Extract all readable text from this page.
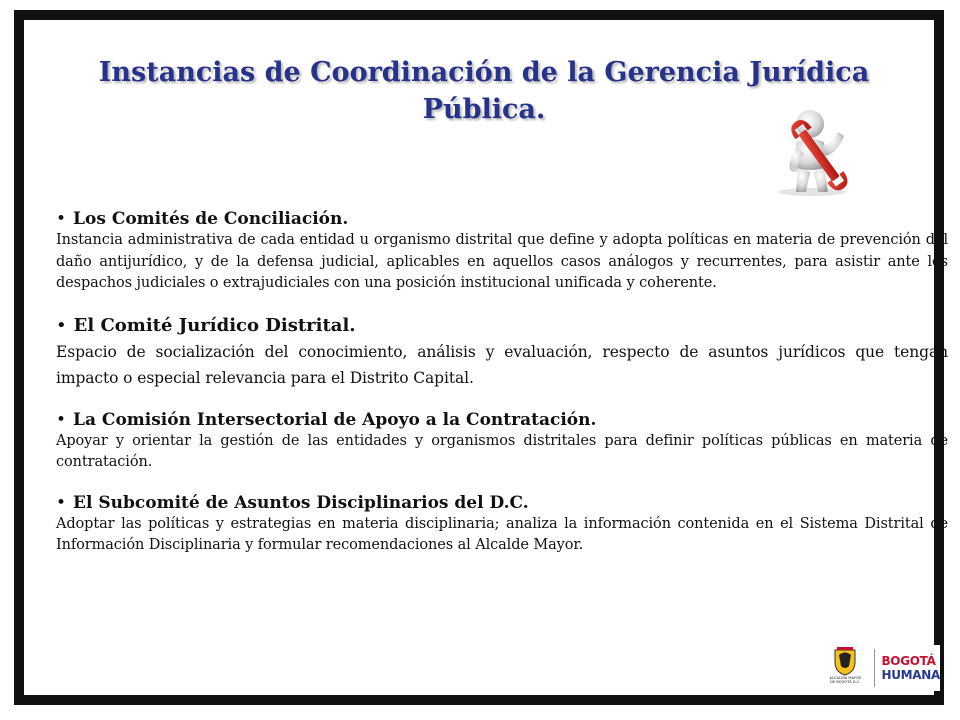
Instancias de Coordinación de la Gerencia Jurídica Pública.

• Los Comités de Conciliación.

Instancia administrativa de cada entidad u organismo distrital que define y adopta políticas en materia de prevención del daño antijurídico, y de la defensa judicial, aplicables en aquellos casos análogos y recurrentes, para asistir ante los despachos judiciales o extrajudiciales con una posición institucional unificada y coherente.

• El Comité Jurídico Distrital.

Espacio de socialización del conocimiento, análisis y evaluación, respecto de asuntos jurídicos que tengan impacto o especial relevancia para el Distrito Capital.

• La Comisión Intersectorial de Apoyo a la Contratación.

Apoyar y orientar la gestión de las entidades y organismos distritales para definir políticas públicas en materia de contratación.

• El Subcomité de Asuntos Disciplinarios del D.C.

Adoptar las políticas y estrategias en materia disciplinaria; analiza la información contenida en el Sistema Distrital de Información Disciplinaria y formular recomendaciones al Alcalde Mayor.

ALCALDÍA MAYOR
DE BOGOTÁ D.C.
BOGOTÁ
HUMANA
